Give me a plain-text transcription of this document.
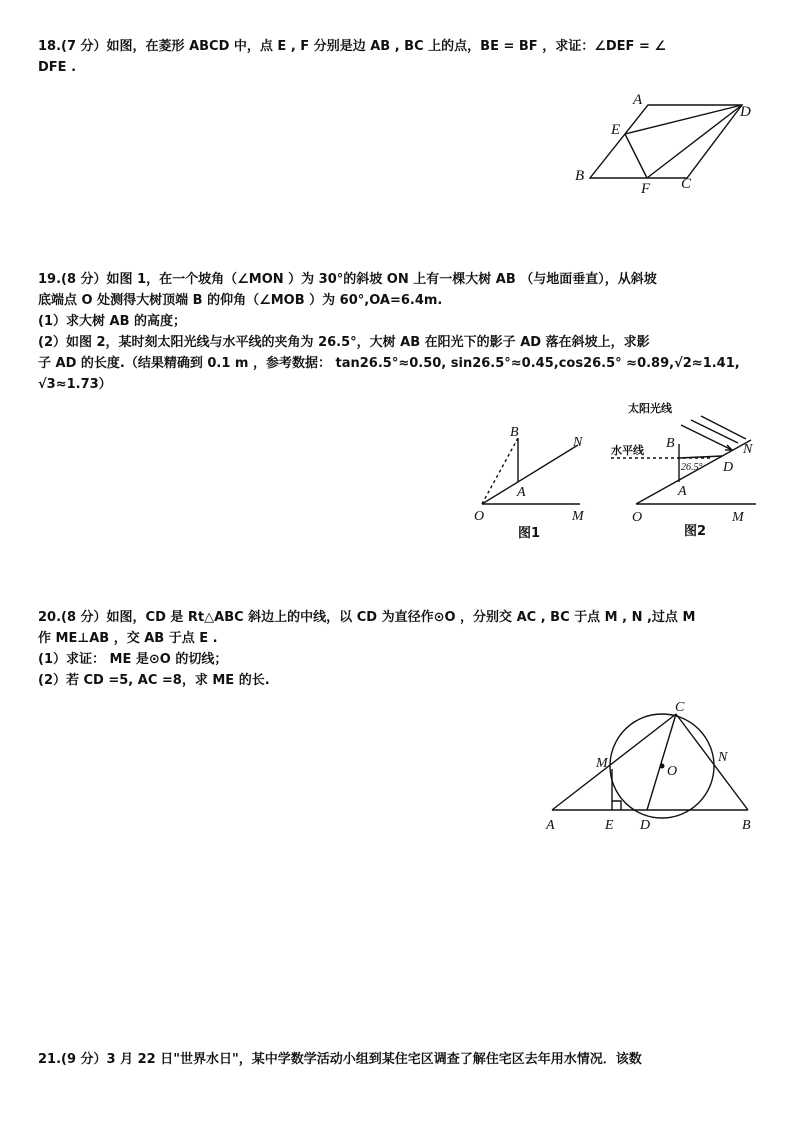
18.(7 分）如图，在菱形 ABCD 中，点 E , F 分别是边 AB , BC 上的点，BE = BF ，求证：∠DEF = ∠

DFE .

A
B	C
D
E
F

19.(8 分）如图 1，在一个坡角（∠MON ）为 30°的斜坡 ON 上有一棵大树 AB （与地面垂直），从斜坡

底端点 O 处测得大树顶端 B 的仰角（∠MOB ）为 60°,OA=6.4m.

(1）求大树 AB 的高度；

(2）如图 2，某时刻太阳光线与水平线的夹角为 26.5°，大树 AB 在阳光下的影子 AD 落在斜坡上，求影

子 AD 的长度.（结果精确到 0.1 m ，参考数据： tan26.5°≈0.50, sin26.5°≈0.45,cos26.5° ≈0.89,√2≈1.41,

√3≈1.73）

B
N
A
O	M
图1
太阳光线
水平线
26.5°
B	N
D
A
O	M
图2

20.(8 分）如图，CD 是 Rt△ABC 斜边上的中线，以 CD 为直径作⊙O ，分别交 AC , BC 于点 M , N ,过点 M

作 ME⊥AB ，交 AB 于点 E .

(1）求证： ME 是⊙O 的切线；

(2）若 CD =5, AC =8，求 ME 的长.

C
M	N
O
A	E D	B

21.(9 分）3 月 22 日"世界水日"，某中学数学活动小组到某住宅区调查了解住宅区去年用水情况．该数
